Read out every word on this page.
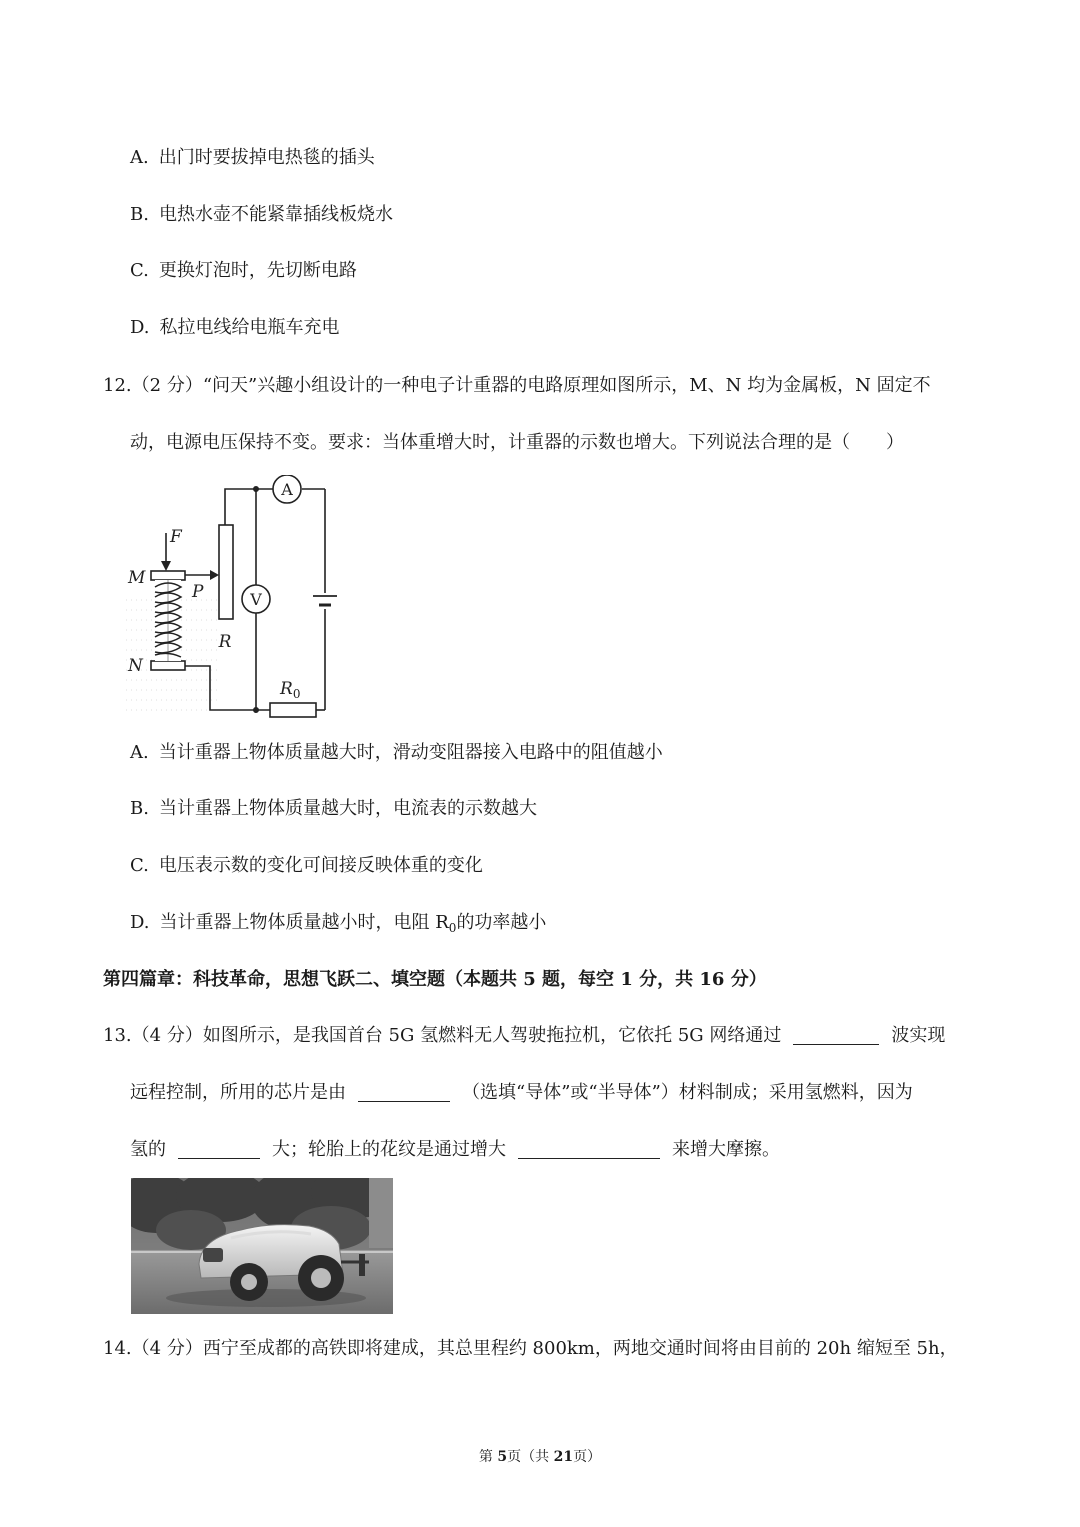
A. 出门时要拔掉电热毯的插头
B. 电热水壶不能紧靠插线板烧水
C. 更换灯泡时，先切断电路
D. 私拉电线给电瓶车充电
12.（2 分）“问天”兴趣小组设计的一种电子计重器的电路原理如图所示，M、N 均为金属板，N 固定不
动，电源电压保持不变。要求：当体重增大时，计重器的示数也增大。下列说法合理的是（　　）
A
V
R
$R_0$
M
N
F
P
A. 当计重器上物体质量越大时，滑动变阻器接入电路中的阻值越小
B. 当计重器上物体质量越大时，电流表的示数越大
C. 电压表示数的变化可间接反映体重的变化
D. 当计重器上物体质量越小时，电阻 $R_0$的功率越小
第四篇章：科技革命，思想飞跃二、填空题（本题共 5 题，每空 1 分，共 16 分）
13.（4 分）如图所示，是我国首台 5G 氢燃料无人驾驶拖拉机，它依托 5G 网络通过	波实现
远程控制，所用的芯片是由	（选填“导体”或“半导体”）材料制成；采用氢燃料，因为
氢的	大；轮胎上的花纹是通过增大	来增大摩擦。
14.（4 分）西宁至成都的高铁即将建成，其总里程约 800km，两地交通时间将由目前的 20h 缩短至 5h，
第 5页（共 21页）
